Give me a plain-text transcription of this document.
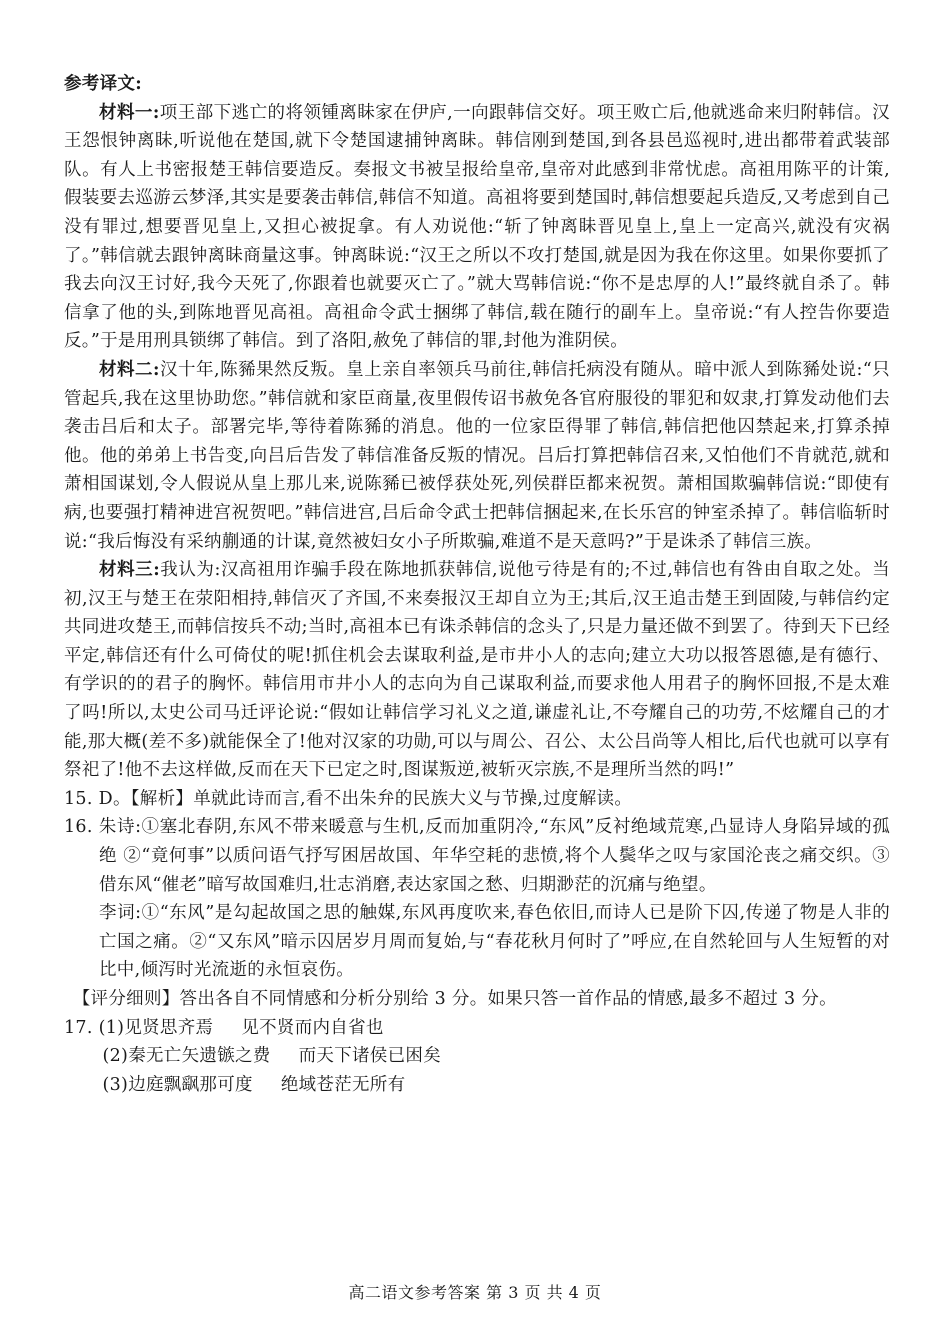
参考译文:

材料一:项王部下逃亡的将领锺离眛家在伊庐,一向跟韩信交好。项王败亡后,他就逃命来归附韩信。汉王怨恨钟离眛,听说他在楚国,就下令楚国逮捕钟离眛。韩信刚到楚国,到各县邑巡视时,进出都带着武装部队。有人上书密报楚王韩信要造反。奏报文书被呈报给皇帝,皇帝对此感到非常忧虑。高祖用陈平的计策,假装要去巡游云梦泽,其实是要袭击韩信,韩信不知道。高祖将要到楚国时,韩信想要起兵造反,又考虑到自己没有罪过,想要晋见皇上,又担心被捉拿。有人劝说他:“斩了钟离眛晋见皇上,皇上一定高兴,就没有灾祸了。”韩信就去跟钟离眛商量这事。钟离眛说:“汉王之所以不攻打楚国,就是因为我在你这里。如果你要抓了我去向汉王讨好,我今天死了,你跟着也就要灭亡了。”就大骂韩信说:“你不是忠厚的人!”最终就自杀了。韩信拿了他的头,到陈地晋见高祖。高祖命令武士捆绑了韩信,载在随行的副车上。皇帝说:“有人控告你要造反。”于是用刑具锁绑了韩信。到了洛阳,赦免了韩信的罪,封他为淮阴侯。

材料二:汉十年,陈豨果然反叛。皇上亲自率领兵马前往,韩信托病没有随从。暗中派人到陈豨处说:“只管起兵,我在这里协助您。”韩信就和家臣商量,夜里假传诏书赦免各官府服役的罪犯和奴隶,打算发动他们去袭击吕后和太子。部署完毕,等待着陈豨的消息。他的一位家臣得罪了韩信,韩信把他囚禁起来,打算杀掉他。他的弟弟上书告变,向吕后告发了韩信准备反叛的情况。吕后打算把韩信召来,又怕他们不肯就范,就和萧相国谋划,令人假说从皇上那儿来,说陈豨已被俘获处死,列侯群臣都来祝贺。萧相国欺骗韩信说:“即使有病,也要强打精神进宫祝贺吧。”韩信进宫,吕后命令武士把韩信捆起来,在长乐宫的钟室杀掉了。韩信临斩时说:“我后悔没有采纳蒯通的计谋,竟然被妇女小子所欺骗,难道不是天意吗?”于是诛杀了韩信三族。

材料三:我认为:汉高祖用诈骗手段在陈地抓获韩信,说他亏待是有的;不过,韩信也有咎由自取之处。当初,汉王与楚王在荥阳相持,韩信灭了齐国,不来奏报汉王却自立为王;其后,汉王追击楚王到固陵,与韩信约定共同进攻楚王,而韩信按兵不动;当时,高祖本已有诛杀韩信的念头了,只是力量还做不到罢了。待到天下已经平定,韩信还有什么可倚仗的呢!抓住机会去谋取利益,是市井小人的志向;建立大功以报答恩德,是有德行、有学识的的君子的胸怀。韩信用市井小人的志向为自己谋取利益,而要求他人用君子的胸怀回报,不是太难了吗!所以,太史公司马迁评论说:“假如让韩信学习礼义之道,谦虚礼让,不夸耀自己的功劳,不炫耀自己的才能,那大概(差不多)就能保全了!他对汉家的功勋,可以与周公、召公、太公吕尚等人相比,后代也就可以享有祭祀了!他不去这样做,反而在天下已定之时,图谋叛逆,被斩灭宗族,不是理所当然的吗!”

15. D。【解析】单就此诗而言,看不出朱弁的民族大义与节操,过度解读。

16. 朱诗:①塞北春阴,东风不带来暖意与生机,反而加重阴冷,“东风”反衬绝域荒寒,凸显诗人身陷异域的孤绝 ②“竟何事”以质问语气抒写困居故国、年华空耗的悲愤,将个人鬓华之叹与家国沦丧之痛交织。③借东风“催老”暗写故国难归,壮志消磨,表达家国之愁、归期渺茫的沉痛与绝望。

李词:①“东风”是勾起故国之思的触媒,东风再度吹来,春色依旧,而诗人已是阶下囚,传递了物是人非的亡国之痛。②“又东风”暗示囚居岁月周而复始,与“春花秋月何时了”呼应,在自然轮回与人生短暂的对比中,倾泻时光流逝的永恒哀伤。

【评分细则】答出各自不同情感和分析分别给 3 分。如果只答一首作品的情感,最多不超过 3 分。

17. (1)见贤思齐焉 见不贤而内自省也

(2)秦无亡矢遗镞之费 而天下诸侯已困矣

(3)边庭飘飖那可度 绝域苍茫无所有

高二语文参考答案 第 3 页 共 4 页
